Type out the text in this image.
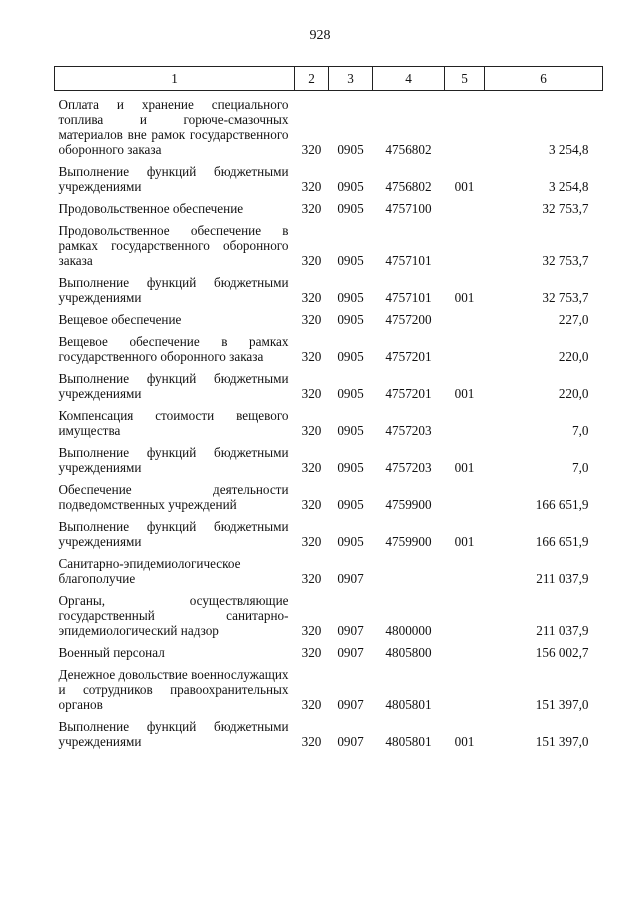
928
1	2	3	4	5	6
Оплата и хранение специального топлива и горюче-смазочных материалов вне рамок государственного оборонного заказа	320	0905	4756802		3 254,8
Выполнение функций бюджетными учреждениями	320	0905	4756802	001	3 254,8
Продовольственное обеспечение	320	0905	4757100		32 753,7
Продовольственное обеспечение в рамках государственного оборонного заказа	320	0905	4757101		32 753,7
Выполнение функций бюджетными учреждениями	320	0905	4757101	001	32 753,7
Вещевое обеспечение	320	0905	4757200		227,0
Вещевое обеспечение в рамках государственного оборонного заказа	320	0905	4757201		220,0
Выполнение функций бюджетными учреждениями	320	0905	4757201	001	220,0
Компенсация стоимости вещевого имущества	320	0905	4757203		7,0
Выполнение функций бюджетными учреждениями	320	0905	4757203	001	7,0
Обеспечение деятельности подведомственных учреждений	320	0905	4759900		166 651,9
Выполнение функций бюджетными учреждениями	320	0905	4759900	001	166 651,9
Санитарно-эпидемиологическое благополучие	320	0907			211 037,9
Органы, осуществляющие государственный санитарно-эпидемиологический надзор	320	0907	4800000		211 037,9
Военный персонал	320	0907	4805800		156 002,7
Денежное довольствие военнослужащих и сотрудников правоохранительных органов	320	0907	4805801		151 397,0
Выполнение функций бюджетными учреждениями	320	0907	4805801	001	151 397,0
